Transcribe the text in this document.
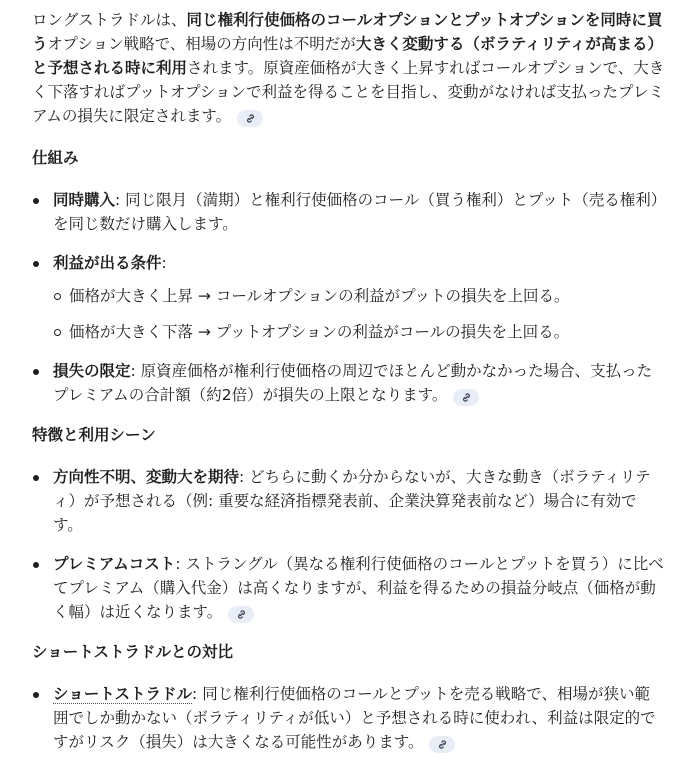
ロングストラドルは、同じ権利行使価格のコールオプションとプットオプションを同時に買うオプション戦略で、相場の方向性は不明だが大きく変動する（ボラティリティが高まる）と予想される時に利用されます。原資産価格が大きく上昇すればコールオプションで、大きく下落すればプットオプションで利益を得ることを目指し、変動がなければ支払ったプレミアムの損失に限定されます。

仕組み
同時購入: 同じ限月（満期）と権利行使価格のコール（買う権利）とプット（売る権利）を同じ数だけ購入します。
利益が出る条件:
価格が大きく上昇 → コールオプションの利益がプットの損失を上回る。
価格が大きく下落 → プットオプションの利益がコールの損失を上回る。
損失の限定: 原資産価格が権利行使価格の周辺でほとんど動かなかった場合、支払ったプレミアムの合計額（約2倍）が損失の上限となります。
特徴と利用シーン
方向性不明、変動大を期待: どちらに動くか分からないが、大きな動き（ボラティリティ）が予想される（例: 重要な経済指標発表前、企業決算発表前など）場合に有効です。
プレミアムコスト: ストラングル（異なる権利行使価格のコールとプットを買う）に比べてプレミアム（購入代金）は高くなりますが、利益を得るための損益分岐点（価格が動く幅）は近くなります。
ショートストラドルとの対比
ショートストラドル: 同じ権利行使価格のコールとプットを売る戦略で、相場が狭い範囲でしか動かない（ボラティリティが低い）と予想される時に使われ、利益は限定的ですがリスク（損失）は大きくなる可能性があります。
